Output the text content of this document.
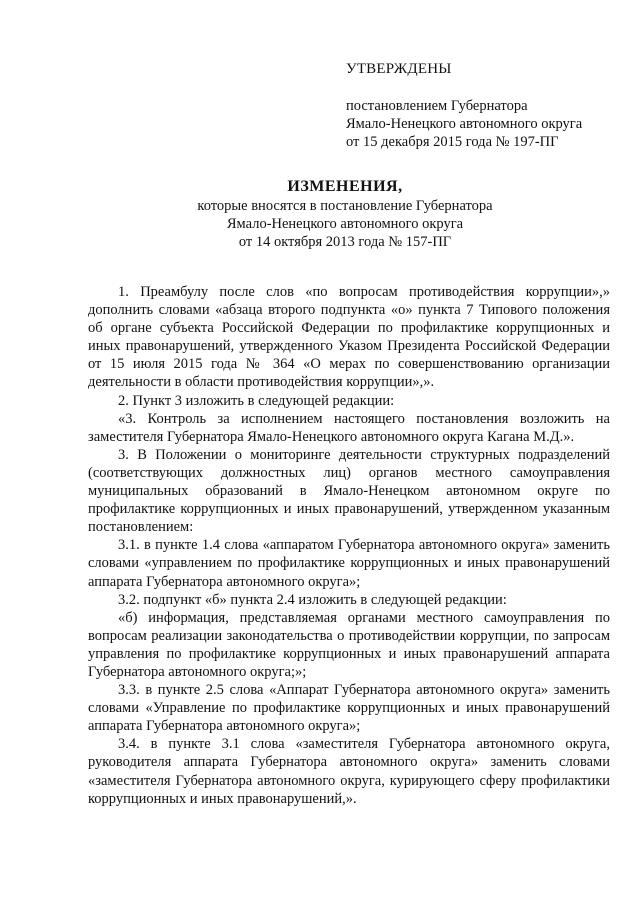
УТВЕРЖДЕНЫ
постановлением Губернатора
Ямало-Ненецкого автономного округа
от 15 декабря 2015 года № 197-ПГ
ИЗМЕНЕНИЯ,
которые вносятся в постановление Губернатора
Ямало-Ненецкого автономного округа
от 14 октября 2013 года № 157-ПГ

1. Преамбулу после слов «по вопросам противодействия коррупции»,» дополнить словами «абзаца второго подпункта «о» пункта 7 Типового положения об органе субъекта Российской Федерации по профилактике коррупционных и иных правонарушений, утвержденного Указом Президента Российской Федерации от 15 июля 2015 года № 364 «О мерах по совершенствованию организации деятельности в области противодействия коррупции»,».

2. Пункт 3 изложить в следующей редакции:

«3. Контроль за исполнением настоящего постановления возложить на заместителя Губернатора Ямало-Ненецкого автономного округа Кагана М.Д.».

3. В Положении о мониторинге деятельности структурных подразделений (соответствующих должностных лиц) органов местного самоуправления муниципальных образований в Ямало-Ненецком автономном округе по профилактике коррупционных и иных правонарушений, утвержденном указанным постановлением:

3.1. в пункте 1.4 слова «аппаратом Губернатора автономного округа» заменить словами «управлением по профилактике коррупционных и иных правонарушений аппарата Губернатора автономного округа»;

3.2. подпункт «б» пункта 2.4 изложить в следующей редакции:

«б) информация, представляемая органами местного самоуправления по вопросам реализации законодательства о противодействии коррупции, по запросам управления по профилактике коррупционных и иных правонарушений аппарата Губернатора автономного округа;»;

3.3. в пункте 2.5 слова «Аппарат Губернатора автономного округа» заменить словами «Управление по профилактике коррупционных и иных правонарушений аппарата Губернатора автономного округа»;

3.4. в пункте 3.1 слова «заместителя Губернатора автономного округа, руководителя аппарата Губернатора автономного округа» заменить словами «заместителя Губернатора автономного округа, курирующего сферу профилактики коррупционных и иных правонарушений,».
